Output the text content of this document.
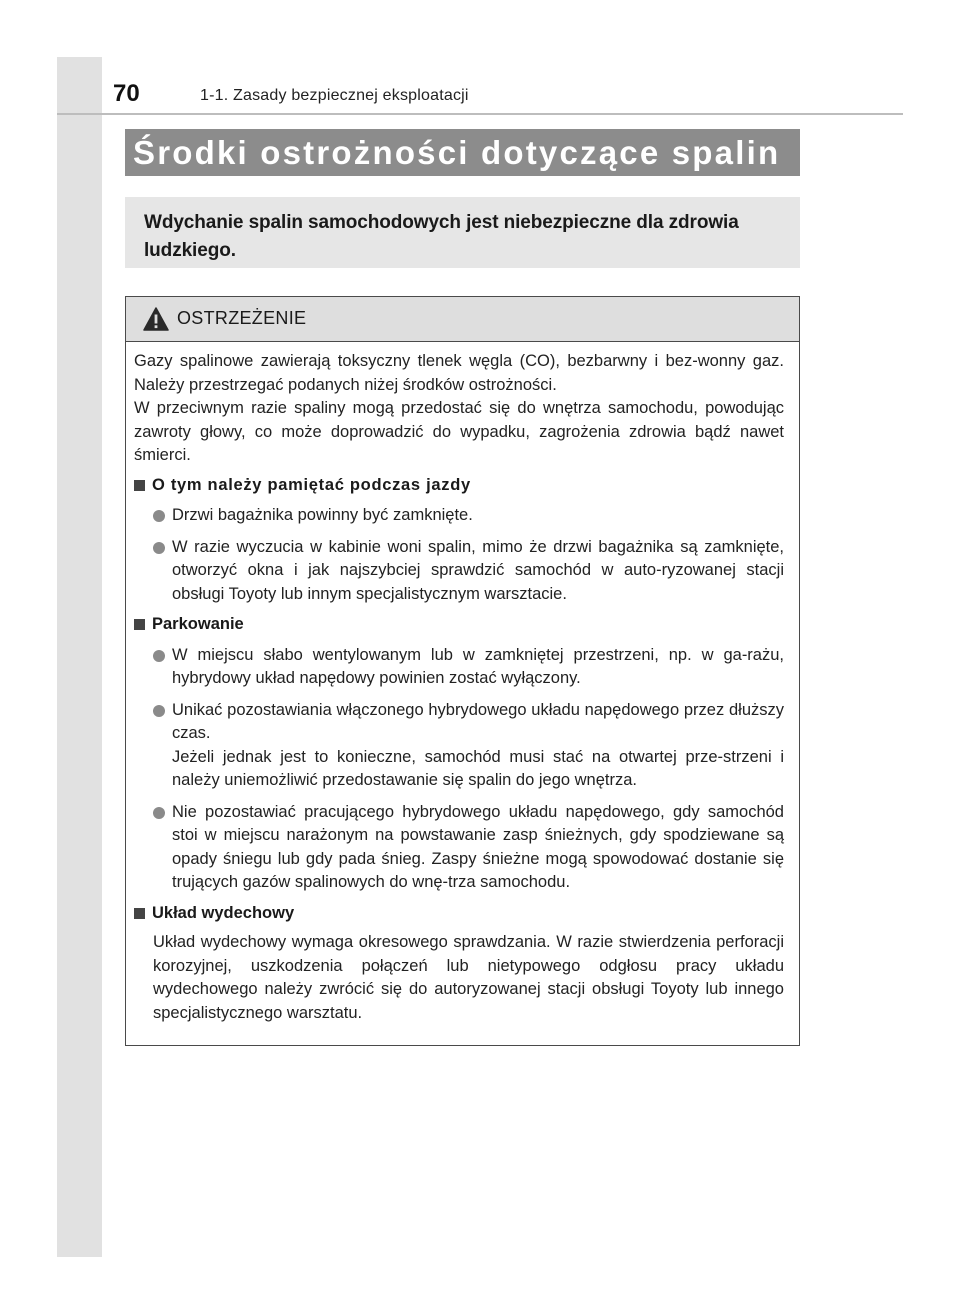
70	1-1. Zasady bezpiecznej eksploatacji
Środki ostrożności dotyczące spalin
Wdychanie spalin samochodowych jest niebezpieczne dla zdrowia ludzkiego.
OSTRZEŻENIE

Gazy spalinowe zawierają toksyczny tlenek węgla (CO), bezbarwny i bez-wonny gaz. Należy przestrzegać podanych niżej środków ostrożności.

W przeciwnym razie spaliny mogą przedostać się do wnętrza samochodu, powodując zawroty głowy, co może doprowadzić do wypadku, zagrożenia zdrowia bądź nawet śmierci.

O tym należy pamiętać podczas jazdy

Drzwi bagażnika powinny być zamknięte.

W razie wyczucia w kabinie woni spalin, mimo że drzwi bagażnika są zamknięte, otworzyć okna i jak najszybciej sprawdzić samochód w auto-ryzowanej stacji obsługi Toyoty lub innym specjalistycznym warsztacie.

Parkowanie

W miejscu słabo wentylowanym lub w zamkniętej przestrzeni, np. w ga-rażu, hybrydowy układ napędowy powinien zostać wyłączony.

Unikać pozostawiania włączonego hybrydowego układu napędowego przez dłuższy czas.

Jeżeli jednak jest to konieczne, samochód musi stać na otwartej prze-strzeni i należy uniemożliwić przedostawanie się spalin do jego wnętrza.

Nie pozostawiać pracującego hybrydowego układu napędowego, gdy samochód stoi w miejscu narażonym na powstawanie zasp śnieżnych, gdy spodziewane są opady śniegu lub gdy pada śnieg. Zaspy śnieżne mogą spowodować dostanie się trujących gazów spalinowych do wnę-trza samochodu.

Układ wydechowy

Układ wydechowy wymaga okresowego sprawdzania. W razie stwierdzenia perforacji korozyjnej, uszkodzenia połączeń lub nietypowego odgłosu pracy układu wydechowego należy zwrócić się do autoryzowanej stacji obsługi Toyoty lub innego specjalistycznego warsztatu.
